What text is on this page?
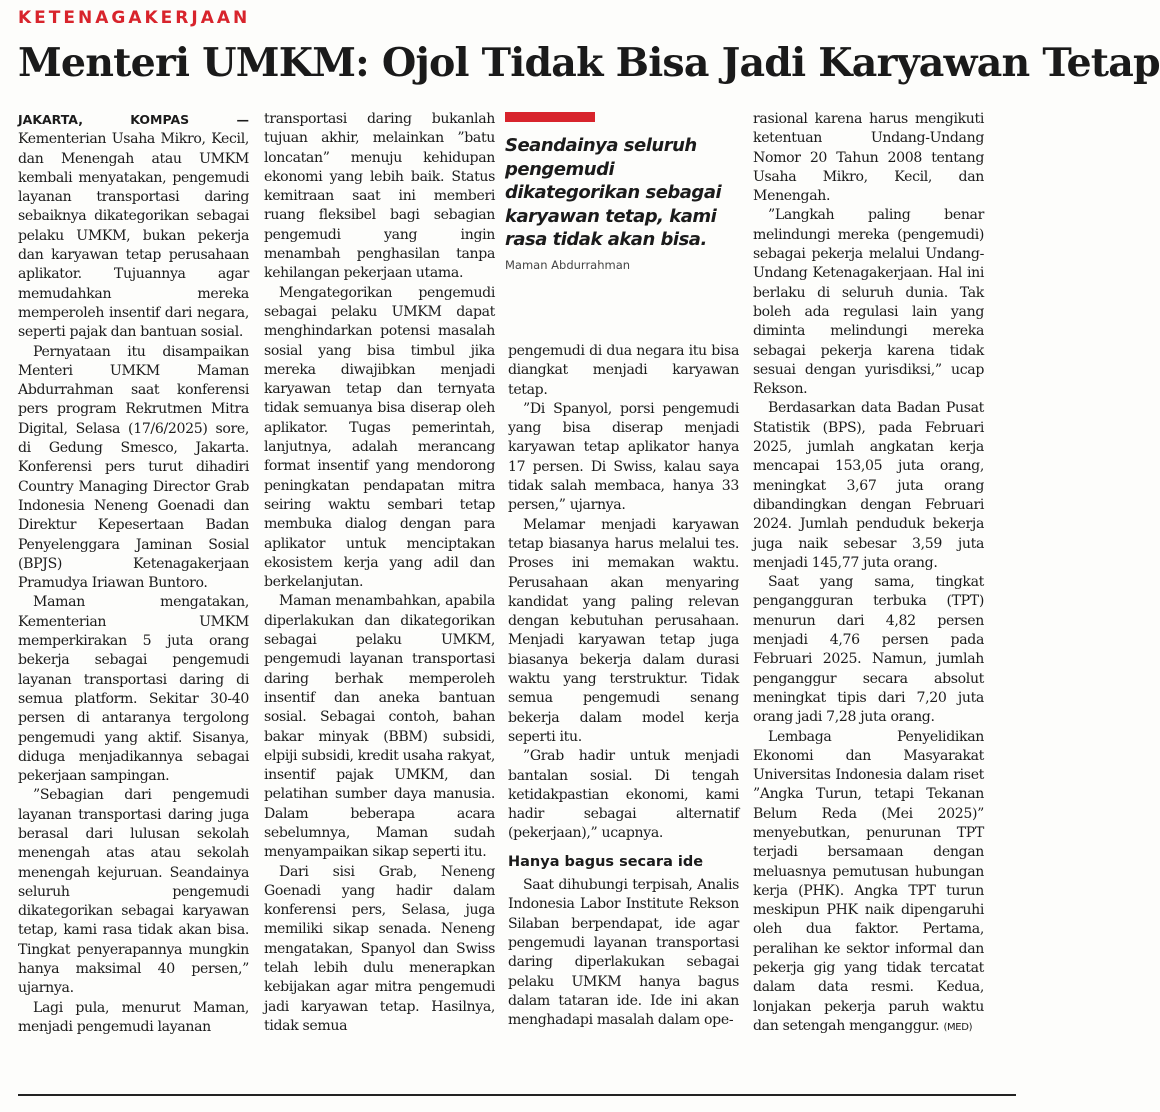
KETENAGAKERJAAN
Menteri UMKM: Ojol Tidak Bisa Jadi Karyawan Tetap

JAKARTA, KOMPAS — Kementerian Usaha Mikro, Kecil, dan Menengah atau UMKM kembali menyatakan, pengemudi layanan transportasi daring sebaiknya dikategorikan sebagai pelaku UMKM, bukan pekerja dan karyawan tetap perusahaan aplikator. Tujuannya agar memudahkan mereka memperoleh insentif dari negara, seperti pajak dan bantuan sosial.

Pernyataan itu disampaikan Menteri UMKM Maman Abdurrahman saat konferensi pers program Rekrutmen Mitra Digital, Selasa (17/6/2025) sore, di Gedung Smesco, Jakarta. Konferensi pers turut dihadiri Country Managing Director Grab Indonesia Neneng Goenadi dan Direktur Kepesertaan Badan Penyelenggara Jaminan Sosial (BPJS) Ketenagakerjaan Pramudya Iriawan Buntoro.

Maman mengatakan, Kementerian UMKM memperkirakan 5 juta orang bekerja sebagai pengemudi layanan transportasi daring di semua platform. Sekitar 30-40 persen di antaranya tergolong pengemudi yang aktif. Sisanya, diduga menjadikannya sebagai pekerjaan sampingan.

”Sebagian dari pengemudi layanan transportasi daring juga berasal dari lulusan sekolah menengah atas atau sekolah menengah kejuruan. Seandainya seluruh pengemudi dikategorikan sebagai karyawan tetap, kami rasa tidak akan bisa. Tingkat penyerapannya mungkin hanya maksimal 40 persen,” ujarnya.

Lagi pula, menurut Maman, menjadi pengemudi layanan

transportasi daring bukanlah tujuan akhir, melainkan ”batu loncatan” menuju kehidupan ekonomi yang lebih baik. Status kemitraan saat ini memberi ruang fleksibel bagi sebagian pengemudi yang ingin menambah penghasilan tanpa kehilangan pekerjaan utama.

Mengategorikan pengemudi sebagai pelaku UMKM dapat menghindarkan potensi masalah sosial yang bisa timbul jika mereka diwajibkan menjadi karyawan tetap dan ternyata tidak semuanya bisa diserap oleh aplikator. Tugas pemerintah, lanjutnya, adalah merancang format insentif yang mendorong peningkatan pendapatan mitra seiring waktu sembari tetap membuka dialog dengan para aplikator untuk menciptakan ekosistem kerja yang adil dan berkelanjutan.

Maman menambahkan, apabila diperlakukan dan dikategorikan sebagai pelaku UMKM, pengemudi layanan transportasi daring berhak memperoleh insentif dan aneka bantuan sosial. Sebagai contoh, bahan bakar minyak (BBM) subsidi, elpiji subsidi, kredit usaha rakyat, insentif pajak UMKM, dan pelatihan sumber daya manusia. Dalam beberapa acara sebelumnya, Maman sudah menyampaikan sikap seperti itu.

Dari sisi Grab, Neneng Goenadi yang hadir dalam konferensi pers, Selasa, juga memiliki sikap senada. Neneng mengatakan, Spanyol dan Swiss telah lebih dulu menerapkan kebijakan agar mitra pengemudi jadi karyawan tetap. Hasilnya, tidak semua

Seandainya seluruh pengemudi dikategorikan sebagai karyawan tetap, kami rasa tidak akan bisa.
Maman Abdurrahman

pengemudi di dua negara itu bisa diangkat menjadi karyawan tetap.

”Di Spanyol, porsi pengemudi yang bisa diserap menjadi karyawan tetap aplikator hanya 17 persen. Di Swiss, kalau saya tidak salah membaca, hanya 33 persen,” ujarnya.

Melamar menjadi karyawan tetap biasanya harus melalui tes. Proses ini memakan waktu. Perusahaan akan menyaring kandidat yang paling relevan dengan kebutuhan perusahaan. Menjadi karyawan tetap juga biasanya bekerja dalam durasi waktu yang terstruktur. Tidak semua pengemudi senang bekerja dalam model kerja seperti itu.

”Grab hadir untuk menjadi bantalan sosial. Di tengah ketidakpastian ekonomi, kami hadir sebagai alternatif (pekerjaan),” ucapnya.

Hanya bagus secara ide

Saat dihubungi terpisah, Analis Indonesia Labor Institute Rekson Silaban berpendapat, ide agar pengemudi layanan transportasi daring diperlakukan sebagai pelaku UMKM hanya bagus dalam tataran ide. Ide ini akan menghadapi masalah dalam ope-

rasional karena harus mengikuti ketentuan Undang-Undang Nomor 20 Tahun 2008 tentang Usaha Mikro, Kecil, dan Menengah.

”Langkah paling benar melindungi mereka (pengemudi) sebagai pekerja melalui Undang-Undang Ketenagakerjaan. Hal ini berlaku di seluruh dunia. Tak boleh ada regulasi lain yang diminta melindungi mereka sebagai pekerja karena tidak sesuai dengan yurisdiksi,” ucap Rekson.

Berdasarkan data Badan Pusat Statistik (BPS), pada Februari 2025, jumlah angkatan kerja mencapai 153,05 juta orang, meningkat 3,67 juta orang dibandingkan dengan Februari 2024. Jumlah penduduk bekerja juga naik sebesar 3,59 juta menjadi 145,77 juta orang.

Saat yang sama, tingkat pengangguran terbuka (TPT) menurun dari 4,82 persen menjadi 4,76 persen pada Februari 2025. Namun, jumlah penganggur secara absolut meningkat tipis dari 7,20 juta orang jadi 7,28 juta orang.

Lembaga Penyelidikan Ekonomi dan Masyarakat Universitas Indonesia dalam riset ”Angka Turun, tetapi Tekanan Belum Reda (Mei 2025)” menyebutkan, penurunan TPT terjadi bersamaan dengan meluasnya pemutusan hubungan kerja (PHK). Angka TPT turun meskipun PHK naik dipengaruhi oleh dua faktor. Pertama, peralihan ke sektor informal dan pekerja gig yang tidak tercatat dalam data resmi. Kedua, lonjakan pekerja paruh waktu dan setengah menganggur. (MED)
